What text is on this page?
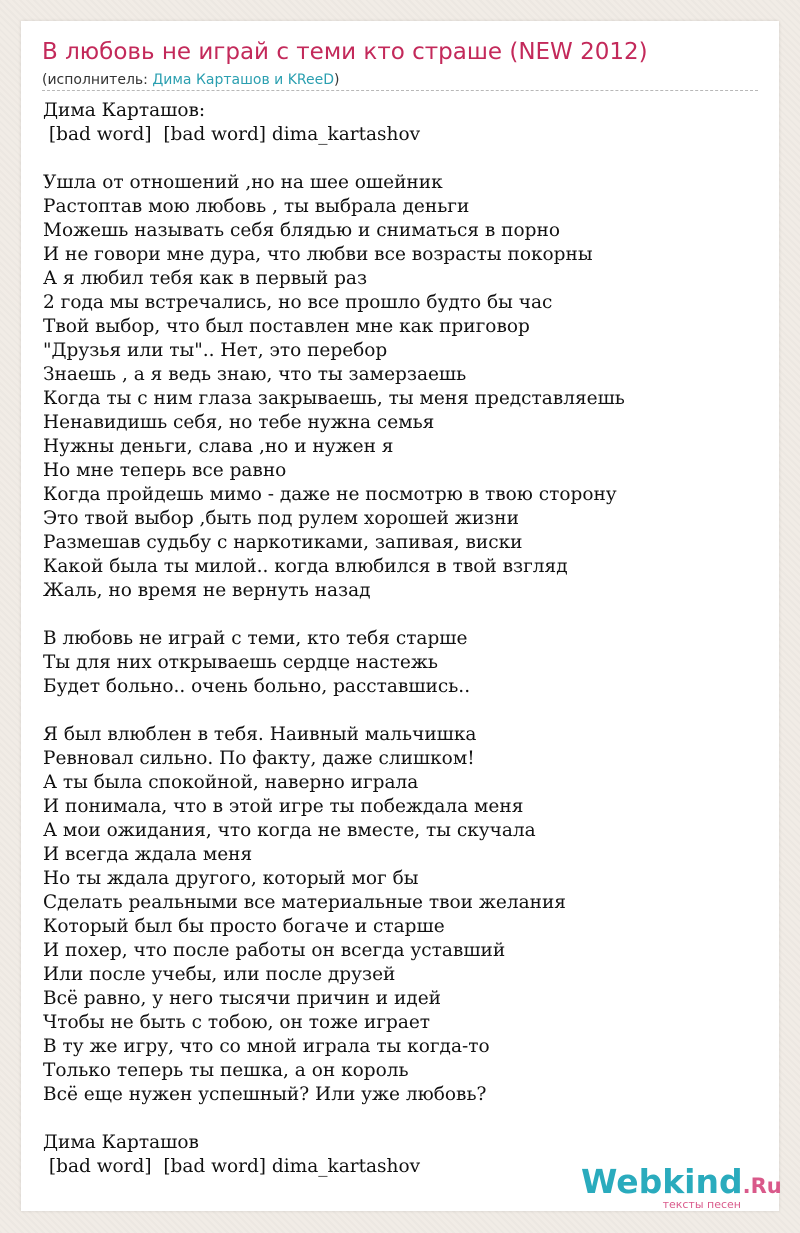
В любовь не играй с теми кто страше (NEW 2012)
(исполнитель: Дима Карташов и KReeD)
Дима Карташов:
[bad word]  [bad word] dima_kartashov

Ушла от отношений ,но на шее ошейник
Растоптав мою любовь , ты выбрала деньги
Можешь называть себя блядью и сниматься в порно
И не говори мне дура, что любви все возрасты покорны
А я любил тебя как в первый раз
2 года мы встречались, но все прошло будто бы час
Твой выбор, что был поставлен мне как приговор
"Друзья или ты".. Нет, это перебор
Знаешь , а я ведь знаю, что ты замерзаешь
Когда ты с ним глаза закрываешь, ты меня представляешь
Ненавидишь себя, но тебе нужна семья
Нужны деньги, слава ,но и нужен я
Но мне теперь все равно
Когда пройдешь мимо - даже не посмотрю в твою сторону
Это твой выбор ,быть под рулем хорошей жизни
Размешав судьбу с наркотиками, запивая, виски
Какой была ты милой.. когда влюбился в твой взгляд
Жаль, но время не вернуть назад

В любовь не играй с теми, кто тебя старше
Ты для них открываешь сердце настежь
Будет больно.. очень больно, расставшись..

Я был влюблен в тебя. Наивный мальчишка
Ревновал сильно. По факту, даже слишком!
А ты была спокойной, наверно играла
И понимала, что в этой игре ты побеждала меня
А мои ожидания, что когда не вместе, ты скучала
И всегда ждала меня
Но ты ждала другого, который мог бы
Сделать реальными все материальные твои желания
Который был бы просто богаче и старше
И похер, что после работы он всегда уставший
Или после учебы, или после друзей
Всё равно, у него тысячи причин и идей
Чтобы не быть с тобою, он тоже играет
В ту же игру, что со мной играла ты когда-то
Только теперь ты пешка, а он король
Всё еще нужен успешный? Или уже любовь?

Дима Карташов
[bad word]  [bad word] dima_kartashov	Webkind.Ru
тексты песен
